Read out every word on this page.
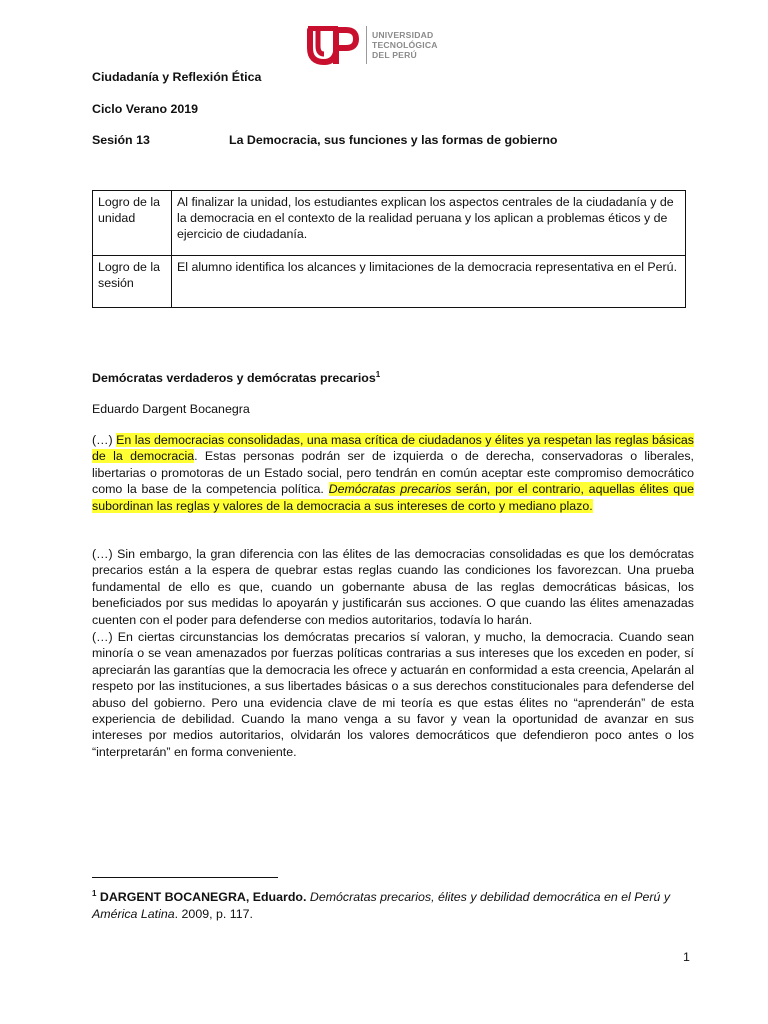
UNIVERSIDAD
TECNOLÓGICA
DEL PERÚ
Ciudadanía y Reflexión Ética
Ciclo Verano 2019
Sesión 13	La Democracia, sus funciones y las formas de gobierno
Logro de la unidad	Al finalizar la unidad, los estudiantes explican los aspectos centrales de la ciudadanía y de la democracia en el contexto de la realidad peruana y los aplican a problemas éticos y de ejercicio de ciudadanía.
Logro de la sesión	El alumno identifica los alcances y limitaciones de la democracia representativa en el Perú.
Demócratas verdaderos y demócratas precarios$^1$
Eduardo Dargent Bocanegra
(…) En las democracias consolidadas, una masa crítica de ciudadanos y élites ya respetan las reglas básicas de la democracia. Estas personas podrán ser de izquierda o de derecha, conservadoras o liberales, libertarias o promotoras de un Estado social, pero tendrán en común aceptar este compromiso democrático como la base de la competencia política. Demócratas precarios serán, por el contrario, aquellas élites que subordinan las reglas y valores de la democracia a sus intereses de corto y mediano plazo.
(…) Sin embargo, la gran diferencia con las élites de las democracias consolidadas es que los demócratas precarios están a la espera de quebrar estas reglas cuando las condiciones los favorezcan. Una prueba fundamental de ello es que, cuando un gobernante abusa de las reglas democráticas básicas, los beneficiados por sus medidas lo apoyarán y justificarán sus acciones. O que cuando las élites amenazadas cuenten con el poder para defenderse con medios autoritarios, todavía lo harán.
(…) En ciertas circunstancias los demócratas precarios sí valoran, y mucho, la democracia. Cuando sean minoría o se vean amenazados por fuerzas políticas contrarias a sus intereses que los exceden en poder, sí apreciarán las garantías que la democracia les ofrece y actuarán en conformidad a esta creencia, Apelarán al respeto por las instituciones, a sus libertades básicas o a sus derechos constitucionales para defenderse del abuso del gobierno. Pero una evidencia clave de mi teoría es que estas élites no “aprenderán” de esta experiencia de debilidad. Cuando la mano venga a su favor y vean la oportunidad de avanzar en sus intereses por medios autoritarios, olvidarán los valores democráticos que defendieron poco antes o los “interpretarán” en forma conveniente.
$^1$ DARGENT BOCANEGRA, Eduardo. Demócratas precarios, élites y debilidad democrática en el Perú y América Latina. 2009, p. 117.
1
